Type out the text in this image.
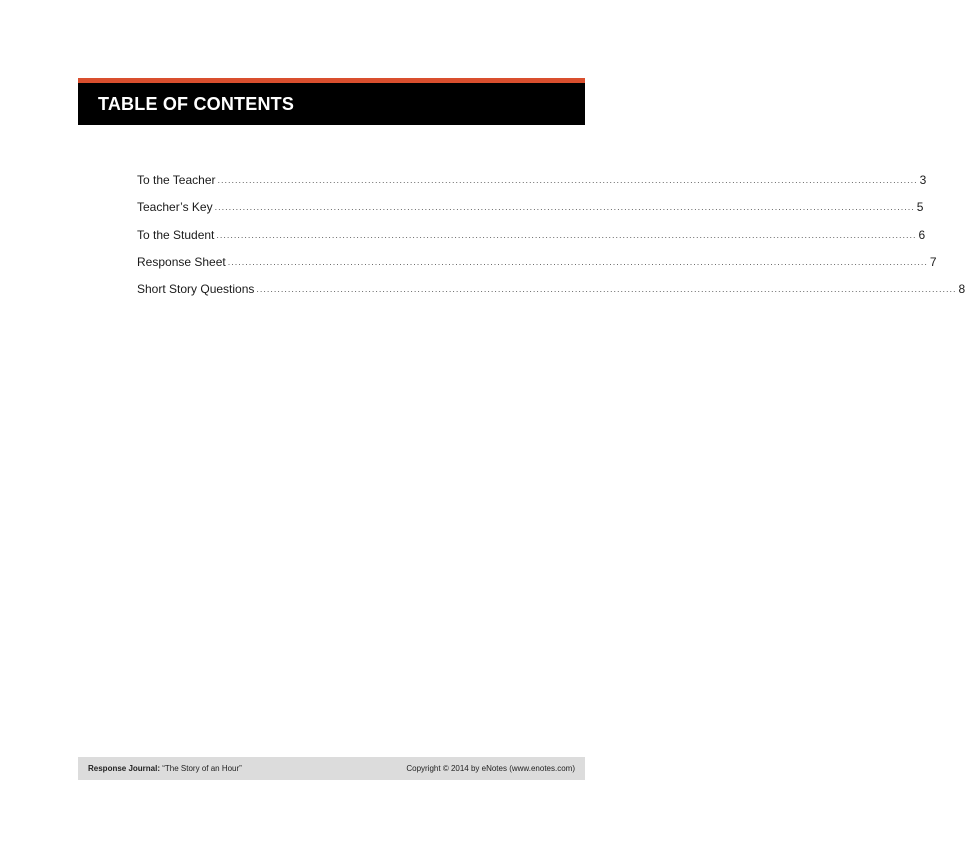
TABLE OF CONTENTS
To the Teacher ........................................................................................................................................................................................................ 3
Teacher’s Key ........................................................................................................................................................................................................ 5
To the Student ........................................................................................................................................................................................................ 6
Response Sheet ........................................................................................................................................................................................................ 7
Short Story Questions ........................................................................................................................................................................................................ 8
Response Journal: “The Story of an Hour”	Copyright © 2014 by eNotes (www.enotes.com)
